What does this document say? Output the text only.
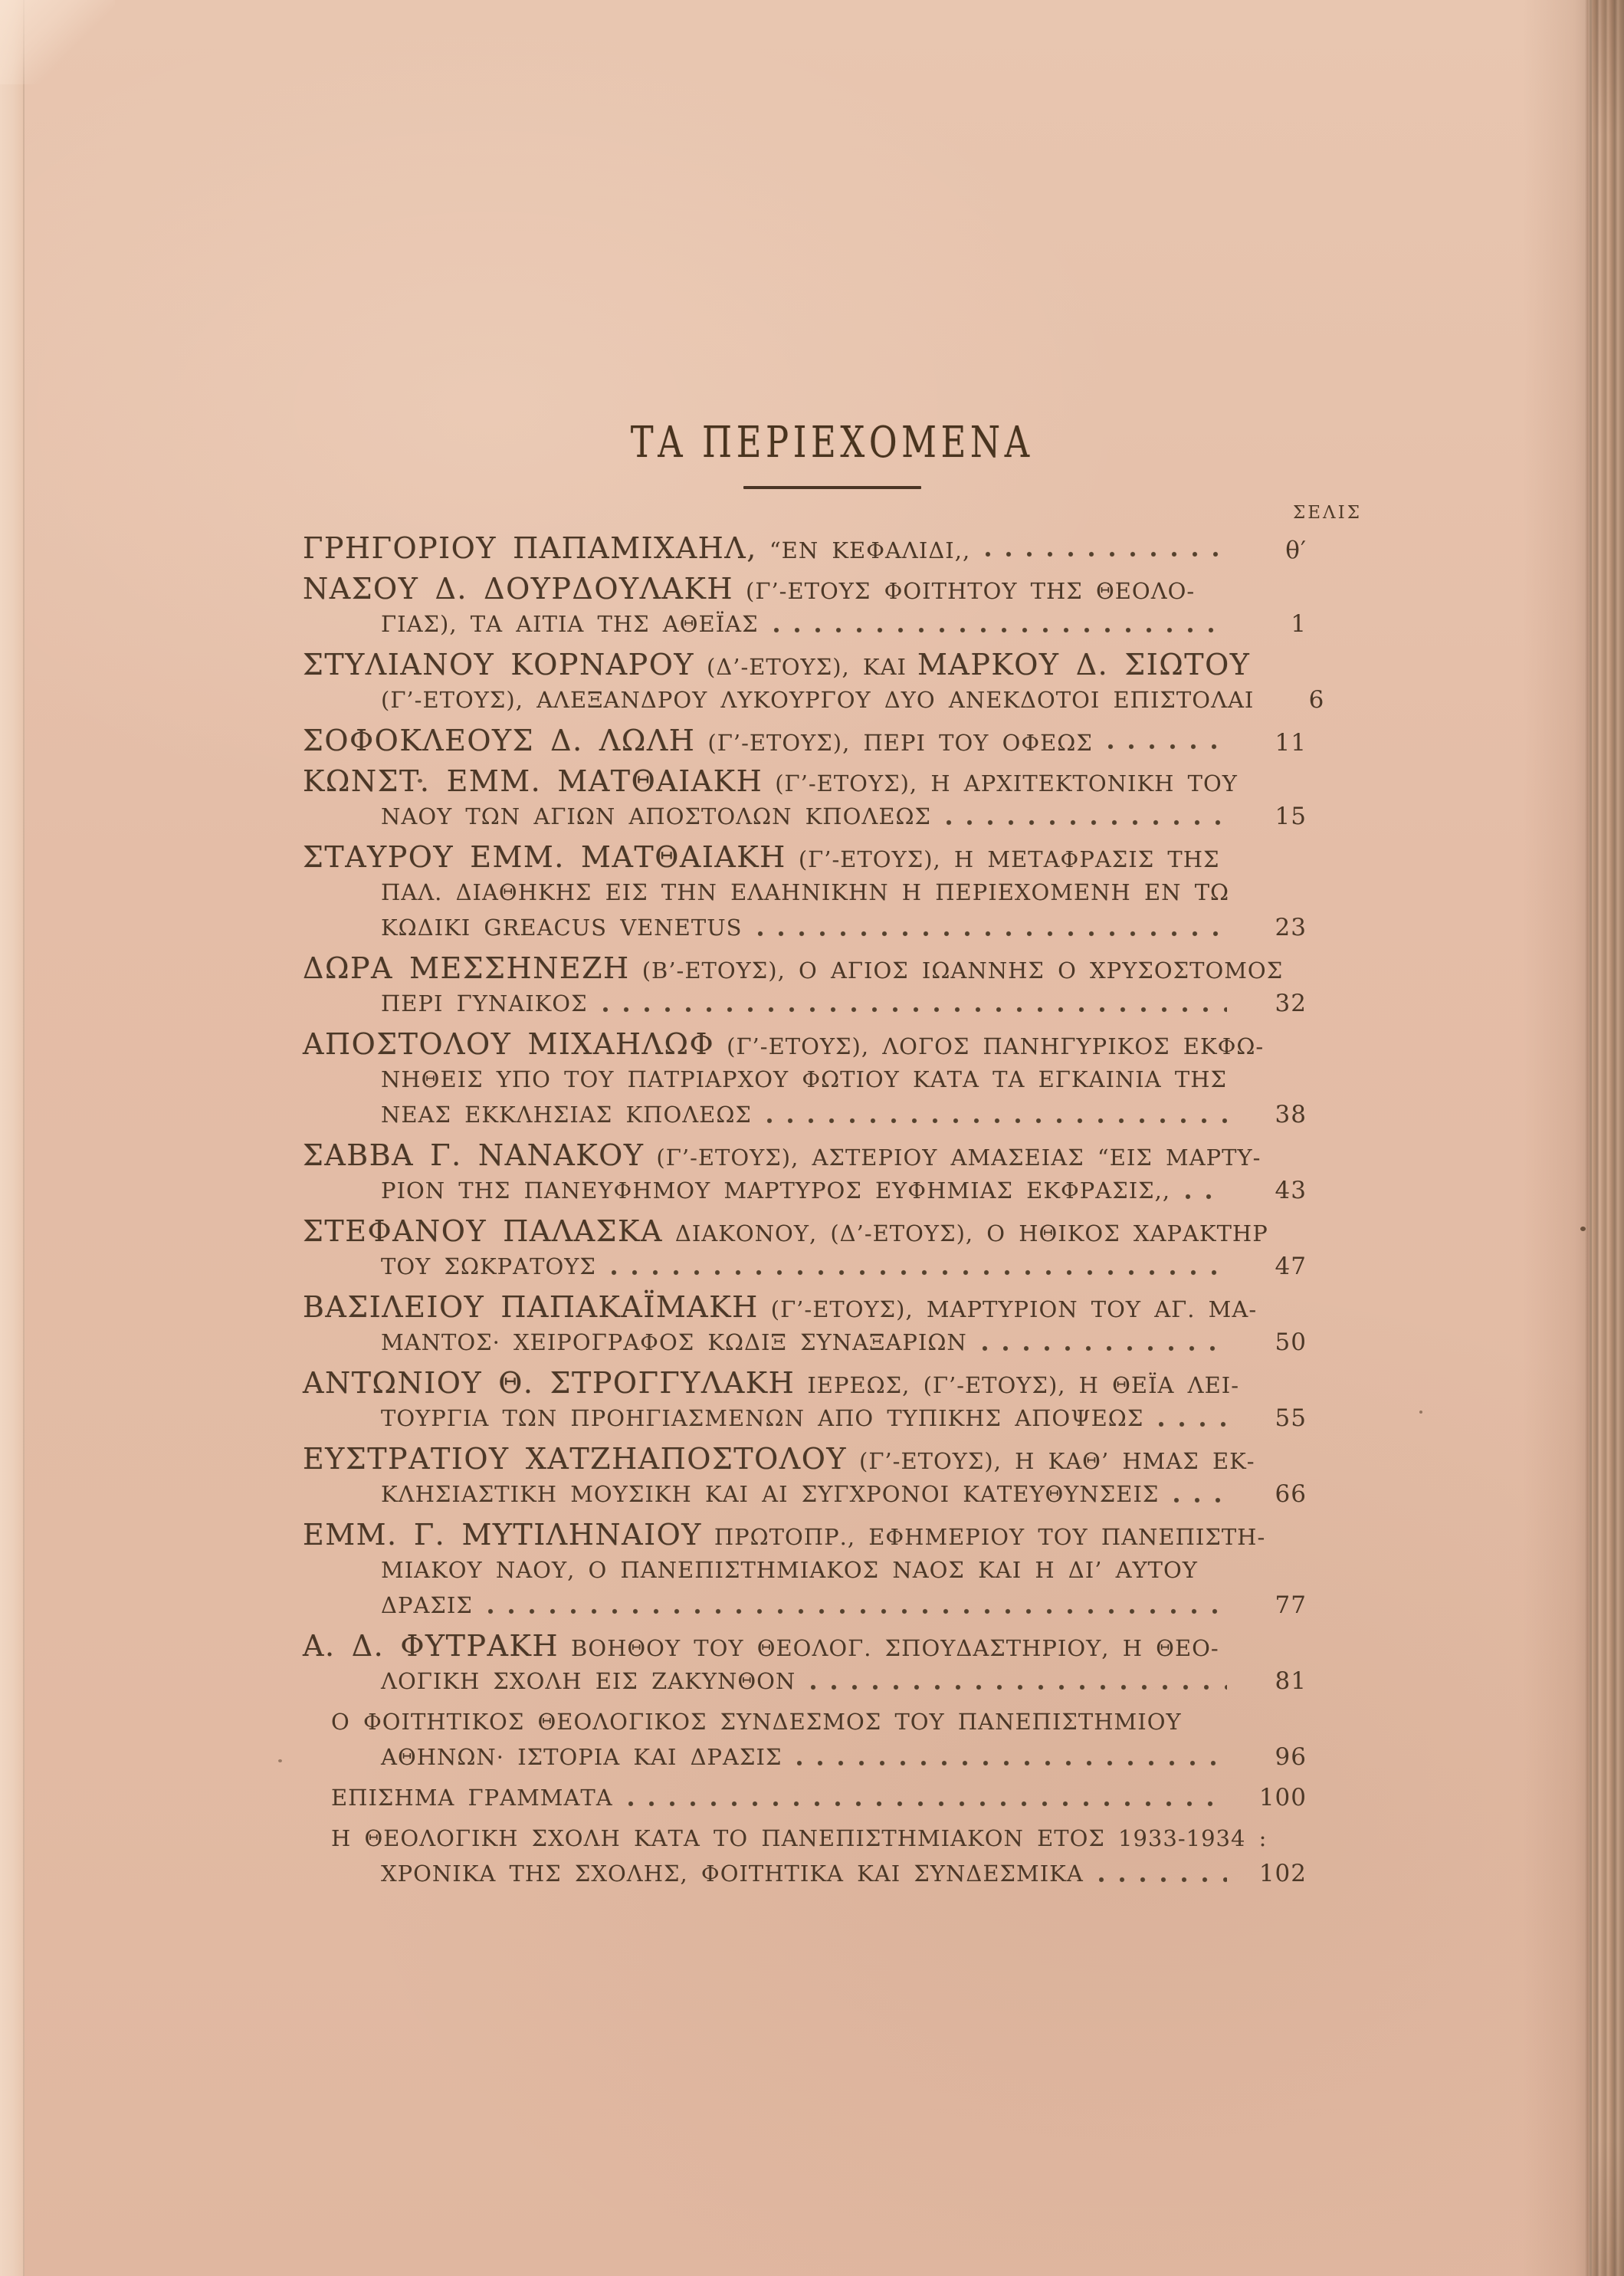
ΤΑ ΠΕΡΙΕΧΟΜΕΝΑ
ΣΕΛΙΣ
ΓΡΗΓΟΡΙΟΥ ΠΑΠΑΜΙΧΑΗΛ, “ΕΝ ΚΕΦΑΛΙΔΙ,,	θ′
ΝΑΣΟΥ Δ. ΔΟΥΡΔΟΥΛΑΚΗ (Γ’-ΕΤΟΥΣ ΦΟΙΤΗΤΟΥ ΤΗΣ ΘΕΟΛΟ-
ΓΙΑΣ), ΤΑ ΑΙΤΙΑ ΤΗΣ ΑΘΕΪΑΣ	1
ΣΤΥΛΙΑΝΟΥ ΚΟΡΝΑΡΟΥ (Δ’-ΕΤΟΥΣ), ΚΑΙ ΜΑΡΚΟΥ Δ. ΣΙΩΤΟΥ
(Γ’-ΕΤΟΥΣ), ΑΛΕΞΑΝΔΡΟΥ ΛΥΚΟΥΡΓΟΥ ΔΥΟ ΑΝΕΚΔΟΤΟΙ ΕΠΙΣΤΟΛΑΙ	6
ΣΟΦΟΚΛΕΟΥΣ Δ. ΛΩΛΗ (Γ’-ΕΤΟΥΣ), ΠΕΡΙ ΤΟΥ ΟΦΕΩΣ	11
ΚΩΝΣΤ. ΕΜΜ. ΜΑΤΘΑΙΑΚΗ (Γ’-ΕΤΟΥΣ), Η ΑΡΧΙΤΕΚΤΟΝΙΚΗ ΤΟΥ
ΝΑΟΥ ΤΩΝ ΑΓΙΩΝ ΑΠΟΣΤΟΛΩΝ ΚΠΟΛΕΩΣ	15
ΣΤΑΥΡΟΥ ΕΜΜ. ΜΑΤΘΑΙΑΚΗ (Γ’-ΕΤΟΥΣ), Η ΜΕΤΑΦΡΑΣΙΣ ΤΗΣ
ΠΑΛ. ΔΙΑΘΗΚΗΣ ΕΙΣ ΤΗΝ ΕΛΑΗΝΙΚΗΝ Η ΠΕΡΙΕΧΟΜΕΝΗ ΕΝ ΤΩ
ΚΩΔΙΚΙ GREACUS VENETUS	23
ΔΩΡΑ ΜΕΣΣΗΝΕΖΗ (Β’-ΕΤΟΥΣ), Ο ΑΓΙΟΣ ΙΩΑΝΝΗΣ Ο ΧΡΥΣΟΣΤΟΜΟΣ
ΠΕΡΙ ΓΥΝΑΙΚΟΣ	32
ΑΠΟΣΤΟΛΟΥ ΜΙΧΑΗΛΩΦ (Γ’-ΕΤΟΥΣ), ΛΟΓΟΣ ΠΑΝΗΓΥΡΙΚΟΣ ΕΚΦΩ-
ΝΗΘΕΙΣ ΥΠΟ ΤΟΥ ΠΑΤΡΙΑΡΧΟΥ ΦΩΤΙΟΥ ΚΑΤΑ ΤΑ ΕΓΚΑΙΝΙΑ ΤΗΣ
ΝΕΑΣ ΕΚΚΛΗΣΙΑΣ ΚΠΟΛΕΩΣ	38
ΣΑΒΒΑ Γ. ΝΑΝΑΚΟΥ (Γ’-ΕΤΟΥΣ), ΑΣΤΕΡΙΟΥ ΑΜΑΣΕΙΑΣ “ΕΙΣ ΜΑΡΤΥ-
ΡΙΟΝ ΤΗΣ ΠΑΝΕΥΦΗΜΟΥ ΜΑΡΤΥΡΟΣ ΕΥΦΗΜΙΑΣ ΕΚΦΡΑΣΙΣ,,	43
ΣΤΕΦΑΝΟΥ ΠΑΛΑΣΚΑ ΔΙΑΚΟΝΟΥ, (Δ’-ΕΤΟΥΣ), Ο ΗΘΙΚΟΣ ΧΑΡΑΚΤΗΡ
ΤΟΥ ΣΩΚΡΑΤΟΥΣ	47
ΒΑΣΙΛΕΙΟΥ ΠΑΠΑΚΑΪΜΑΚΗ (Γ’-ΕΤΟΥΣ), ΜΑΡΤΥΡΙΟΝ ΤΟΥ ΑΓ. ΜΑ-
ΜΑΝΤΟΣ· ΧΕΙΡΟΓΡΑΦΟΣ ΚΩΔΙΞ ΣΥΝΑΞΑΡΙΩΝ	50
ΑΝΤΩΝΙΟΥ Θ. ΣΤΡΟΓΓΥΛΑΚΗ ΙΕΡΕΩΣ, (Γ’-ΕΤΟΥΣ), Η ΘΕΪΑ ΛΕΙ-
ΤΟΥΡΓΙΑ ΤΩΝ ΠΡΟΗΓΙΑΣΜΕΝΩΝ ΑΠΟ ΤΥΠΙΚΗΣ ΑΠΟΨΕΩΣ	55
ΕΥΣΤΡΑΤΙΟΥ ΧΑΤΖΗΑΠΟΣΤΟΛΟΥ (Γ’-ΕΤΟΥΣ), Η ΚΑΘ’ ΗΜΑΣ ΕΚ-
ΚΛΗΣΙΑΣΤΙΚΗ ΜΟΥΣΙΚΗ ΚΑΙ ΑΙ ΣΥΓΧΡΟΝΟΙ ΚΑΤΕΥΘΥΝΣΕΙΣ	66
ΕΜΜ. Γ. ΜΥΤΙΛΗΝΑΙΟΥ ΠΡΩΤΟΠΡ., ΕΦΗΜΕΡΙΟΥ ΤΟΥ ΠΑΝΕΠΙΣΤΗ-
ΜΙΑΚΟΥ ΝΑΟΥ, Ο ΠΑΝΕΠΙΣΤΗΜΙΑΚΟΣ ΝΑΟΣ ΚΑΙ Η ΔΙ’ ΑΥΤΟΥ
ΔΡΑΣΙΣ	77
Α. Δ. ΦΥΤΡΑΚΗ ΒΟΗΘΟΥ ΤΟΥ ΘΕΟΛΟΓ. ΣΠΟΥΔΑΣΤΗΡΙΟΥ, Η ΘΕΟ-
ΛΟΓΙΚΗ ΣΧΟΛΗ ΕΙΣ ΖΑΚΥΝΘΟΝ	81
Ο ΦΟΙΤΗΤΙΚΟΣ ΘΕΟΛΟΓΙΚΟΣ ΣΥΝΔΕΣΜΟΣ ΤΟΥ ΠΑΝΕΠΙΣΤΗΜΙΟΥ
ΑΘΗΝΩΝ· ΙΣΤΟΡΙΑ ΚΑΙ ΔΡΑΣΙΣ	96
ΕΠΙΣΗΜΑ ΓΡΑΜΜΑΤΑ	100
Η ΘΕΟΛΟΓΙΚΗ ΣΧΟΛΗ ΚΑΤΑ ΤΟ ΠΑΝΕΠΙΣΤΗΜΙΑΚΟΝ ΕΤΟΣ 1933-1934 :
ΧΡΟΝΙΚΑ ΤΗΣ ΣΧΟΛΗΣ, ΦΟΙΤΗΤΙΚΑ ΚΑΙ ΣΥΝΔΕΣΜΙΚΑ	102
